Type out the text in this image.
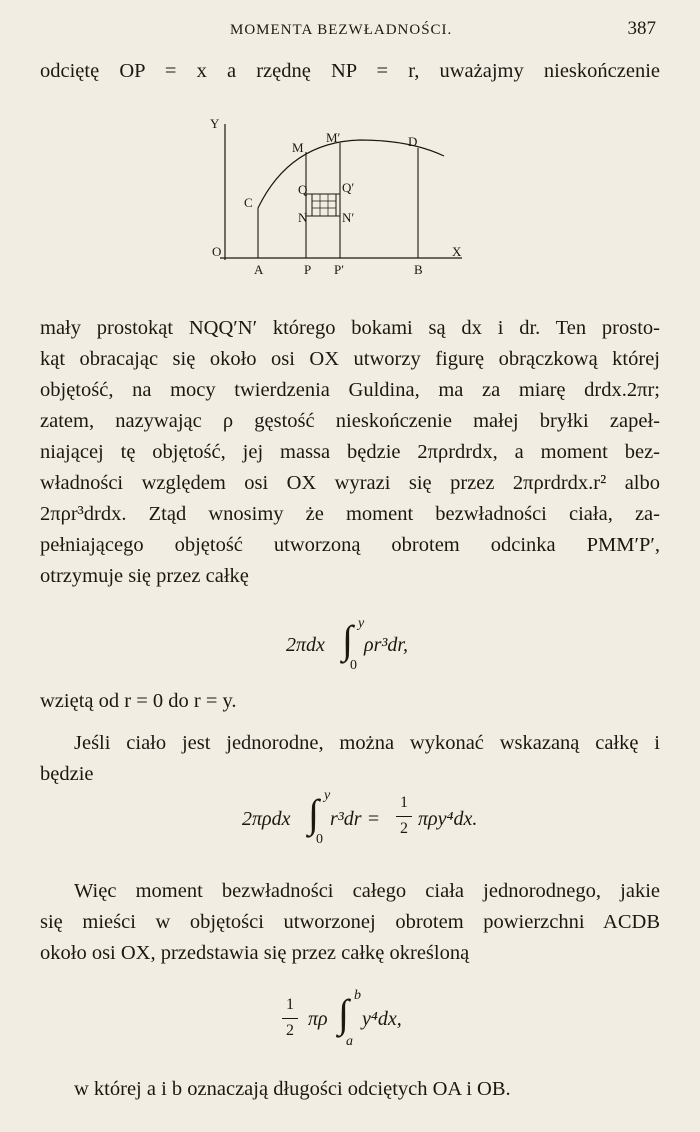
MOMENTA BEZWŁADNOŚCI.	387
odciętę OP = x a rzędnę NP = r, uważajmy nieskończenie
Y
M
M′	D
C
Q	Q′
N	N′
O	X
A	P P′	B
mały prostokąt NQQ′N′ którego bokami są dx i dr. Ten prosto-
kąt obracając się około osi OX utworzy figurę obrączkową której
objętość, na mocy twierdzenia Guldina, ma za miarę drdx.2πr;
zatem, nazywając ρ gęstość nieskończenie małej bryłki zapeł-
niającej tę objętość, jej massa będzie 2πρrdrdx, a moment bez-
władności względem osi OX wyrazi się przez 2πρrdrdx.r² albo
2πρr³drdx. Ztąd wnosimy że moment bezwładności ciała, za-
pełniającego objętość utworzoną obrotem odcinka PMM′P′,
otrzymuje się przez całkę
2πdx ∫ y
0
ρr³dr,
wziętą od r = 0 do r = y.
Jeśli ciało jest jednorodne, można wykonać wskazaną całkę i
będzie
2πρdx ∫ y
0
r³dr =
1
2 πρy⁴dx.
Więc moment bezwładności całego ciała jednorodnego, jakie
się mieści w objętości utworzonej obrotem powierzchni ACDB
około osi OX, przedstawia się przez całkę określoną
1
2
πρ ∫ b
a
y⁴dx,
w której a i b oznaczają długości odciętych OA i OB.
